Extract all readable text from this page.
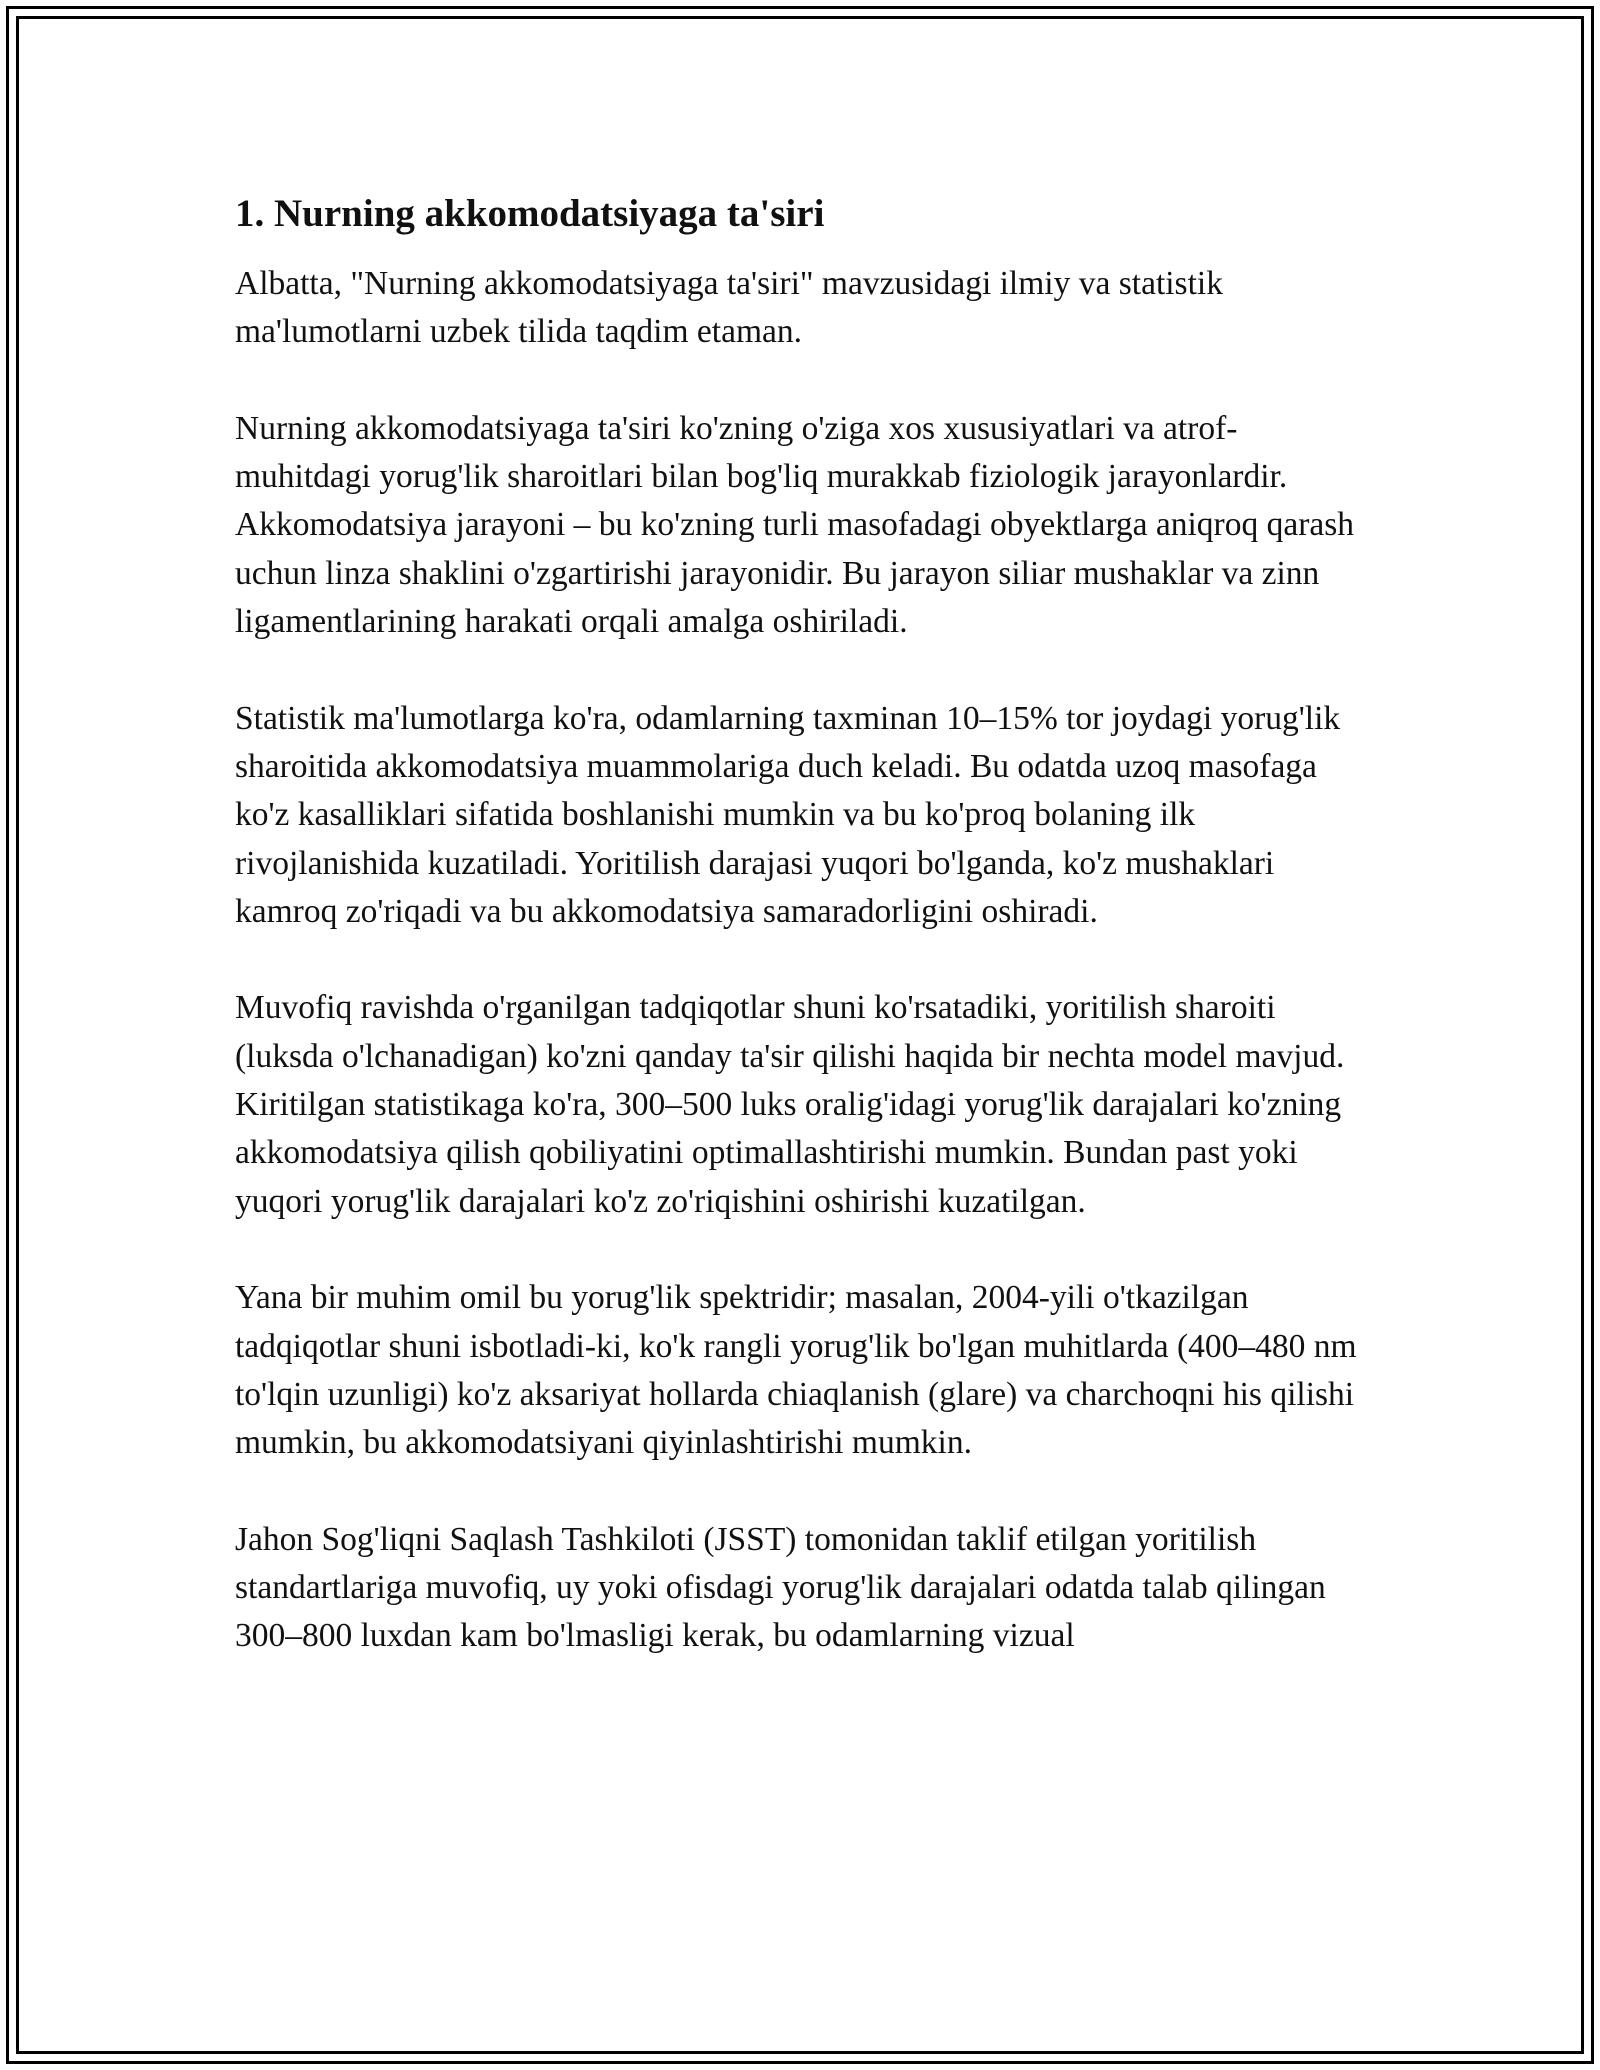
1. Nurning akkomodatsiyaga ta'siri

Albatta, "Nurning akkomodatsiyaga ta'siri" mavzusidagi ilmiy va statistik ma'lumotlarni uzbek tilida taqdim etaman.

Nurning akkomodatsiyaga ta'siri ko'zning o'ziga xos xususiyatlari va atrof-muhitdagi yorug'lik sharoitlari bilan bog'liq murakkab fiziologik jarayonlardir. Akkomodatsiya jarayoni – bu ko'zning turli masofadagi obyektlarga aniqroq qarash uchun linza shaklini o'zgartirishi jarayonidir. Bu jarayon siliar mushaklar va zinn ligamentlarining harakati orqali amalga oshiriladi.

Statistik ma'lumotlarga ko'ra, odamlarning taxminan 10–15% tor joydagi yorug'lik sharoitida akkomodatsiya muammolariga duch keladi. Bu odatda uzoq masofaga ko'z kasalliklari sifatida boshlanishi mumkin va bu ko'proq bolaning ilk rivojlanishida kuzatiladi. Yoritilish darajasi yuqori bo'lganda, ko'z mushaklari kamroq zo'riqadi va bu akkomodatsiya samaradorligini oshiradi.

Muvofiq ravishda o'rganilgan tadqiqotlar shuni ko'rsatadiki, yoritilish sharoiti (luksda o'lchanadigan) ko'zni qanday ta'sir qilishi haqida bir nechta model mavjud. Kiritilgan statistikaga ko'ra, 300–500 luks oralig'idagi yorug'lik darajalari ko'zning akkomodatsiya qilish qobiliyatini optimallashtirishi mumkin. Bundan past yoki yuqori yorug'lik darajalari ko'z zo'riqishini oshirishi kuzatilgan.

Yana bir muhim omil bu yorug'lik spektridir; masalan, 2004-yili o'tkazilgan tadqiqotlar shuni isbotladi-ki, ko'k rangli yorug'lik bo'lgan muhitlarda (400–480 nm to'lqin uzunligi) ko'z aksariyat hollarda chiaqlanish (glare) va charchoqni his qilishi mumkin, bu akkomodatsiyani qiyinlashtirishi mumkin.

Jahon Sog'liqni Saqlash Tashkiloti (JSST) tomonidan taklif etilgan yoritilish standartlariga muvofiq, uy yoki ofisdagi yorug'lik darajalari odatda talab qilingan 300–800 luxdan kam bo'lmasligi kerak, bu odamlarning vizual
